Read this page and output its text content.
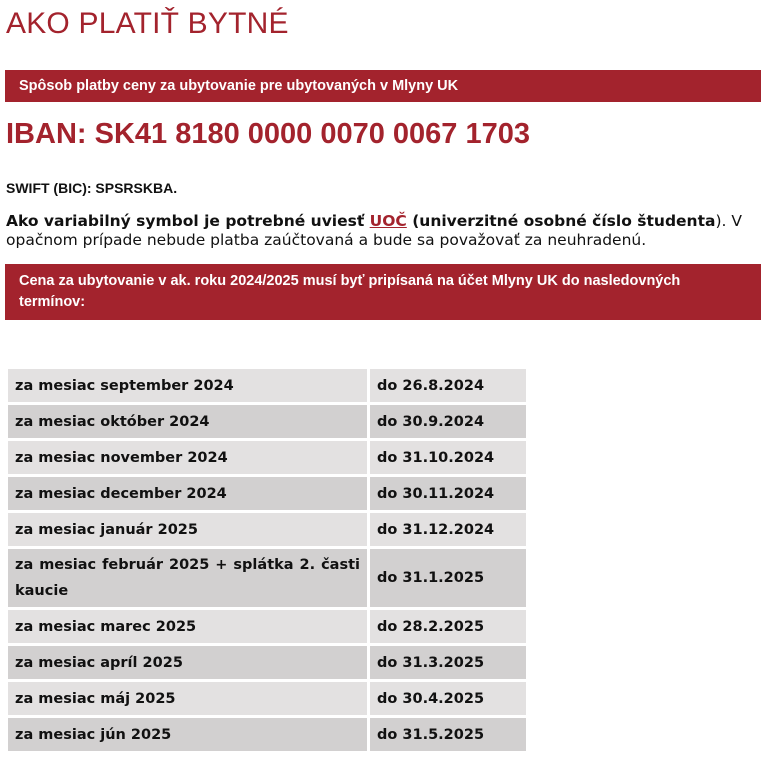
AKO PLATIŤ BYTNÉ
Spôsob platby ceny za ubytovanie pre ubytovaných v Mlyny UK
IBAN: SK41 8180 0000 0070 0067 1703

SWIFT (BIC): SPSRSKBA.

Ako variabilný symbol je potrebné uviesť UOČ (univerzitné osobné číslo študenta). V opačnom prípade nebude platba zaúčtovaná a bude sa považovať za neuhradenú.

Cena za ubytovanie v ak. roku 2024/2025 musí byť pripísaná na účet Mlyny UK do nasledovných termínov:
za mesiac september 2024	do 26.8.2024
za mesiac október 2024	do 30.9.2024
za mesiac november 2024	do 31.10.2024
za mesiac december 2024	do 30.11.2024
za mesiac január 2025	do 31.12.2024
za mesiac február 2025 + splátka 2. časti kaucie	do 31.1.2025
za mesiac marec 2025	do 28.2.2025
za mesiac apríl 2025	do 31.3.2025
za mesiac máj 2025	do 30.4.2025
za mesiac jún 2025	do 31.5.2025
